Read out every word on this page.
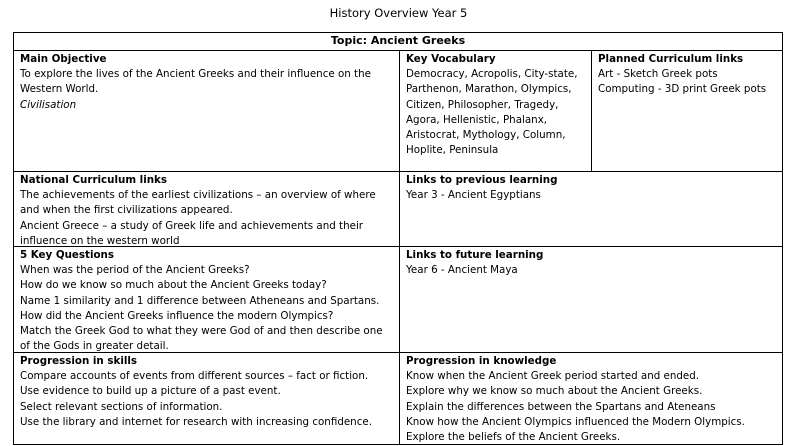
History Overview Year 5
Topic: Ancient Greeks
Main Objective
To explore the lives of the Ancient Greeks and their influence on the Western World.
Civilisation
Key Vocabulary
Democracy, Acropolis, City-state, Parthenon, Marathon, Olympics, Citizen, Philosopher, Tragedy, Agora, Hellenistic, Phalanx, Aristocrat, Mythology, Column, Hoplite, Peninsula
Planned Curriculum links
Art - Sketch Greek pots
Computing - 3D print Greek pots
National Curriculum links
The achievements of the earliest civilizations – an overview of where and when the first civilizations appeared.
Ancient Greece – a study of Greek life and achievements and their influence on the western world
Links to previous learning
Year 3 - Ancient Egyptians
5 Key Questions
When was the period of the Ancient Greeks?
How do we know so much about the Ancient Greeks today?
Name 1 similarity and 1 difference between Atheneans and Spartans.
How did the Ancient Greeks influence the modern Olympics?
Match the Greek God to what they were God of and then describe one of the Gods in greater detail.
Links to future learning
Year 6 - Ancient Maya
Progression in skills
Compare accounts of events from different sources – fact or fiction.
Use evidence to build up a picture of a past event.
Select relevant sections of information.
Use the library and internet for research with increasing confidence.
Progression in knowledge
Know when the Ancient Greek period started and ended.
Explore why we know so much about the Ancient Greeks.
Explain the differences between the Spartans and Ateneans
Know how the Ancient Olympics influenced the Modern Olympics.
Explore the beliefs of the Ancient Greeks.
